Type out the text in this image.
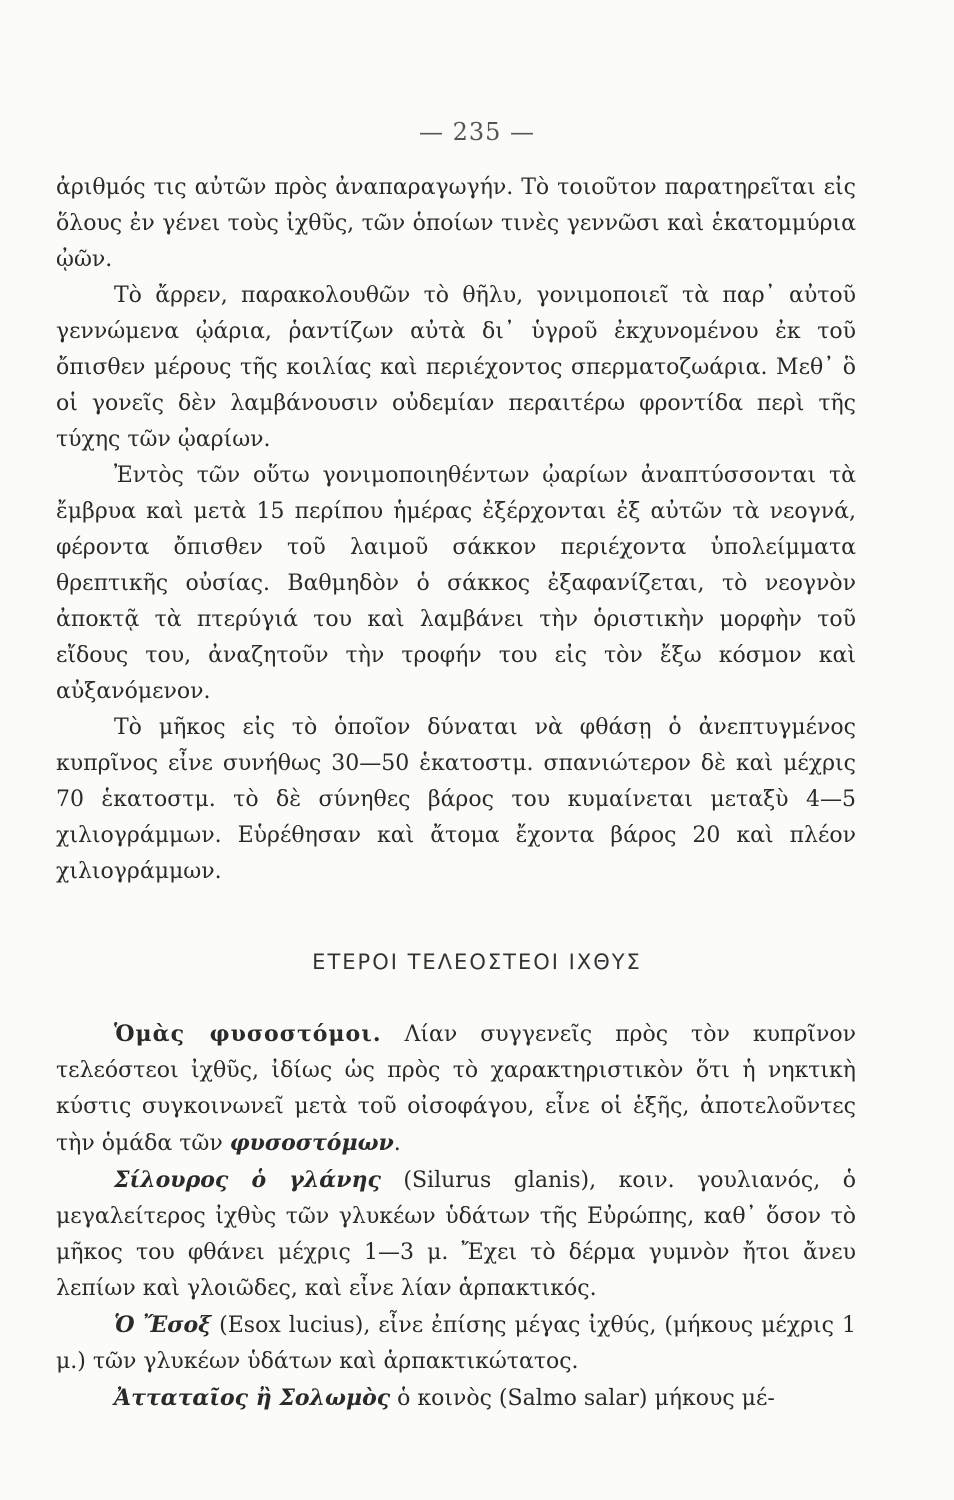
— 235 —

ἀριθμός τις αὐτῶν πρὸς ἀναπαραγωγήν. Τὸ τοιοῦτον παρατηρεῖται εἰς ὅλους ἐν γένει τοὺς ἰχθῦς, τῶν ὁποίων τινὲς γεννῶσι καὶ ἑκατομμύρια ᾠῶν.

Τὸ ἄρρεν, παρακολουθῶν τὸ θῆλυ, γονιμοποιεῖ τὰ παρ᾽ αὐτοῦ γεννώμενα ᾠάρια, ῥαντίζων αὐτὰ δι᾽ ὑγροῦ ἐκχυνομένου ἐκ τοῦ ὄπισθεν μέρους τῆς κοιλίας καὶ περιέχοντος σπερματοζωάρια. Μεθ᾽ ὃ οἱ γονεῖς δὲν λαμβάνουσιν οὐδεμίαν περαιτέρω φροντίδα περὶ τῆς τύχης τῶν ᾠαρίων.

Ἐντὸς τῶν οὕτω γονιμοποιηθέντων ᾠαρίων ἀναπτύσσονται τὰ ἔμβρυα καὶ μετὰ 15 περίπου ἡμέρας ἐξέρχονται ἐξ αὐτῶν τὰ νεογνά, φέροντα ὄπισθεν τοῦ λαιμοῦ σάκκον περιέχοντα ὑπολείμματα θρεπτικῆς οὐσίας. Βαθμηδὸν ὁ σάκκος ἐξαφανίζεται, τὸ νεογνὸν ἀποκτᾷ τὰ πτερύγιά του καὶ λαμβάνει τὴν ὁριστικὴν μορφὴν τοῦ εἴδους του, ἀναζητοῦν τὴν τροφήν του εἰς τὸν ἔξω κόσμον καὶ αὐξανόμενον.

Τὸ μῆκος εἰς τὸ ὁποῖον δύναται νὰ φθάσῃ ὁ ἀνεπτυγμένος κυπρῖνος εἶνε συνήθως 30—50 ἑκατοστμ. σπανιώτερον δὲ καὶ μέχρις 70 ἑκατοστμ. τὸ δὲ σύνηθες βάρος του κυμαίνεται μεταξὺ 4—5 χιλιογράμμων. Εὑρέθησαν καὶ ἄτομα ἔχοντα βάρος 20 καὶ πλέον χιλιογράμμων.

ΕΤΕΡΟΙ ΤΕΛΕΟΣΤΕΟΙ ΙΧΘΥΣ

Ὁμὰς φυσοστόμοι. Λίαν συγγενεῖς πρὸς τὸν κυπρῖνον τελεόστεοι ἰχθῦς, ἰδίως ὡς πρὸς τὸ χαρακτηριστικὸν ὅτι ἡ νηκτικὴ κύστις συγκοινωνεῖ μετὰ τοῦ οἰσοφάγου, εἶνε οἱ ἑξῆς, ἀποτελοῦντες τὴν ὁμάδα τῶν φυσοστόμων.

Σίλουρος ὁ γλάνης (Silurus glanis), κοιν. γουλιανός, ὁ μεγαλείτερος ἰχθὺς τῶν γλυκέων ὑδάτων τῆς Εὐρώπης, καθ᾽ ὅσον τὸ μῆκος του φθάνει μέχρις 1—3 μ. Ἔχει τὸ δέρμα γυμνὸν ἤτοι ἄνευ λεπίων καὶ γλοιῶδες, καὶ εἶνε λίαν ἁρπακτικός.

Ὁ Ἔσοξ (Esox lucius), εἶνε ἐπίσης μέγας ἰχθύς, (μήκους μέχρις 1 μ.) τῶν γλυκέων ὑδάτων καὶ ἁρπακτικώτατος.

Ἀτταταῖος ἢ Σολωμὸς ὁ κοινὸς (Salmo salar) μήκους μέ-
